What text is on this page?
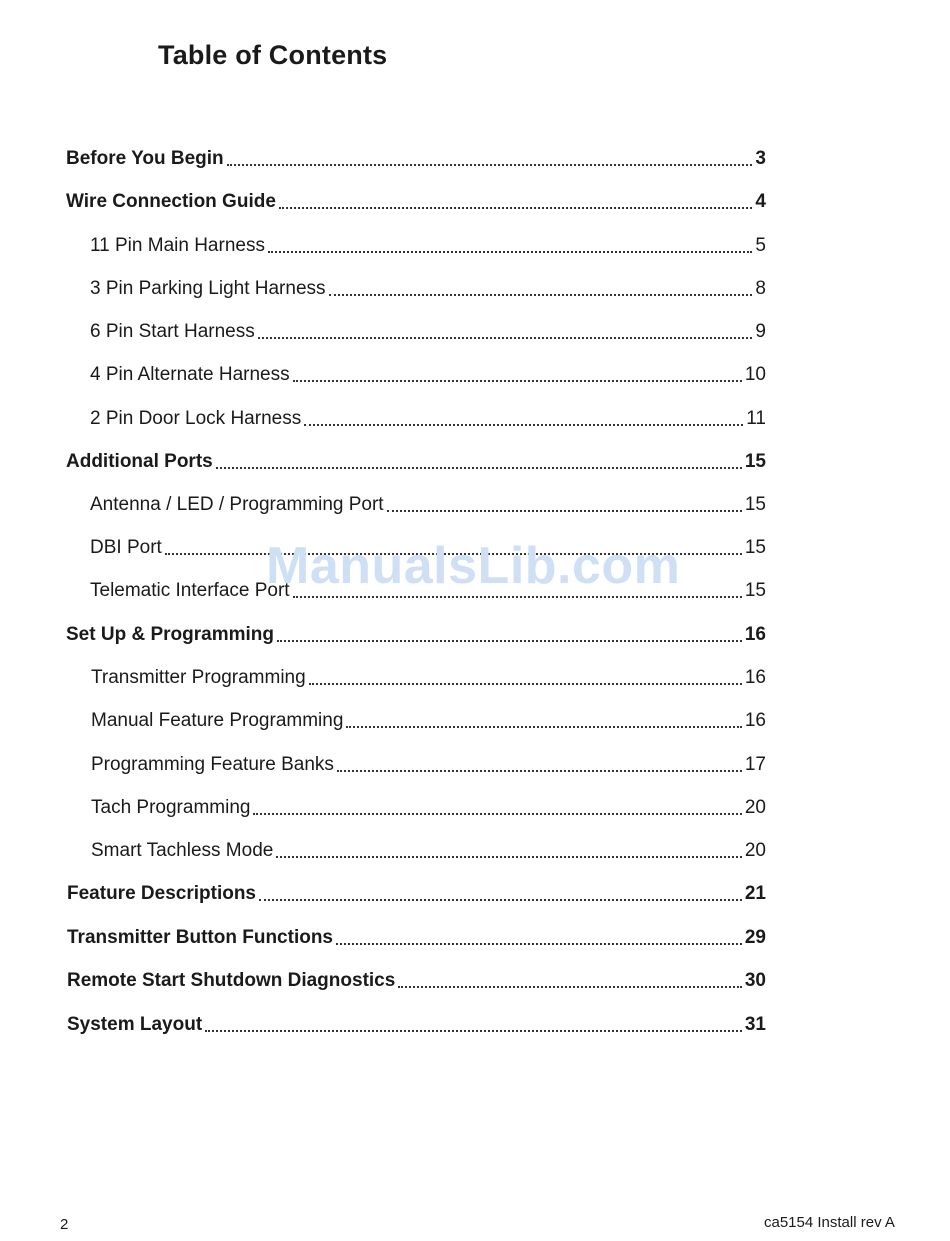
Table of Contents
Before You Begin	3
Wire Connection Guide	4
11 Pin Main Harness	5
3 Pin Parking Light Harness	8
6 Pin Start Harness	9
4 Pin Alternate Harness	10
2 Pin Door Lock Harness	11
Additional Ports	15
Antenna / LED / Programming Port	15
DBI Port	15
Telematic Interface Port	15
Set Up & Programming	16
Transmitter Programming	16
Manual Feature Programming	16
Programming Feature Banks	17
Tach Programming	20
Smart Tachless Mode	20
Feature Descriptions	21
Transmitter Button Functions	29
Remote Start Shutdown Diagnostics	30
System Layout	31
ManualsLib.com
2	ca5154 Install rev A
